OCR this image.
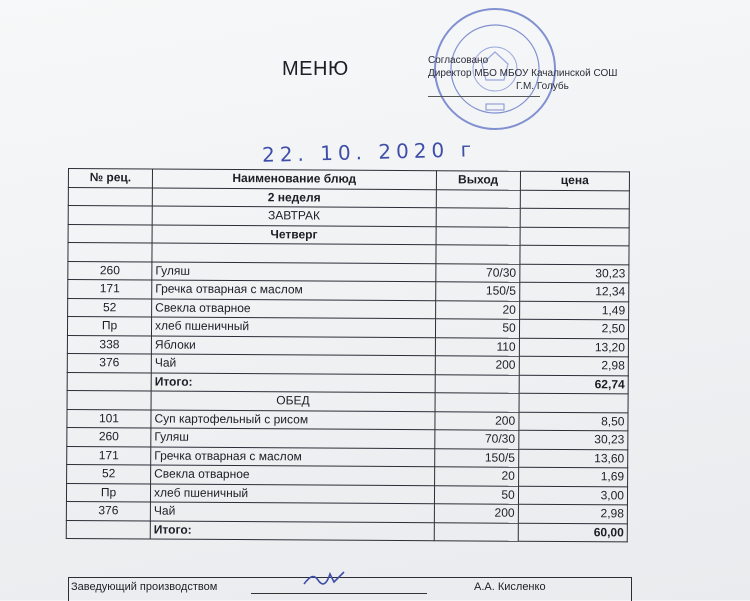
МЕНЮ	Согласовано
Директор МБО МБОУ Качалинской СОШ
Г.М. Голубь
22. 10. 2020 г
№ рец.	Наименование блюд	Выход	цена
	2 неделя		
	ЗАВТРАК		
	Четверг		

260	Гуляш	70/30	30,23
171	Гречка отварная с маслом	150/5	12,34
52	Свекла отварное	20	1,49
Пр	хлеб пшеничный	50	2,50
338	Яблоки	110	13,20
376	Чай	200	2,98
	Итого:		62,74
	ОБЕД		
101	Суп картофельный с рисом	200	8,50
260	Гуляш	70/30	30,23
171	Гречка отварная с маслом	150/5	13,60
52	Свекла отварное	20	1,69
Пр	хлеб пшеничный	50	3,00
376	Чай	200	2,98
	Итого:		60,00
Заведующий производством	А.А. Кисленко
